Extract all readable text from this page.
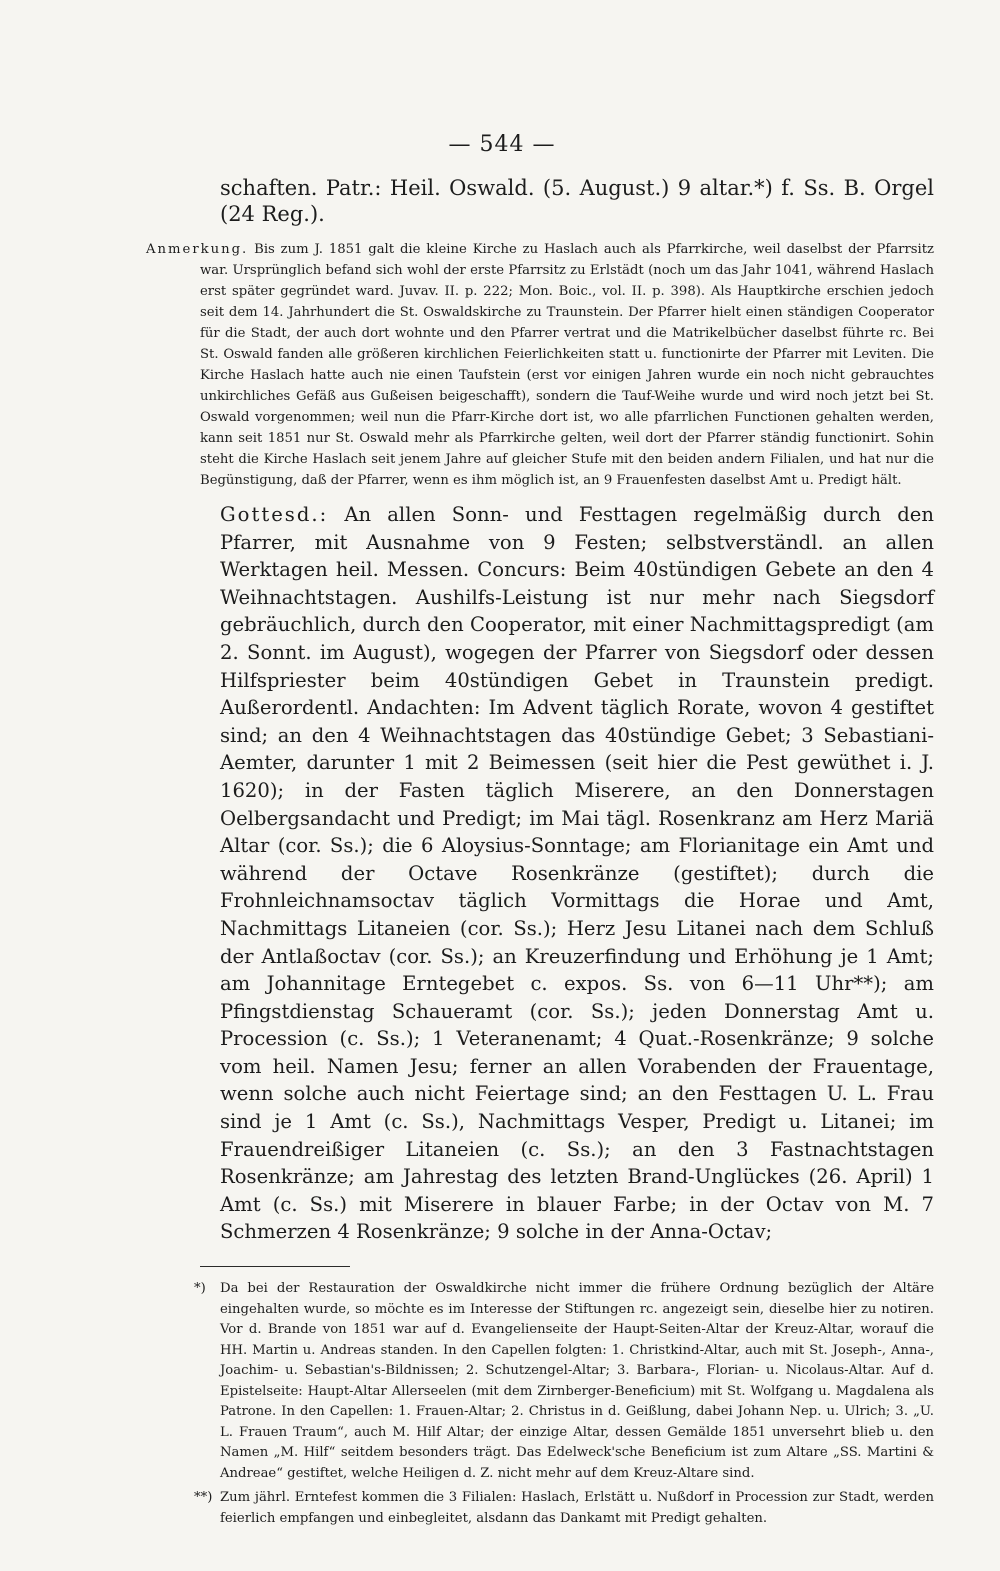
— 544 —

schaften. Patr.: Heil. Oswald. (5. August.) 9 altar.*) f. Ss. B. Orgel (24 Reg.).

Anmerkung. Bis zum J. 1851 galt die kleine Kirche zu Haslach auch als Pfarrkirche, weil daselbst der Pfarrsitz war. Ursprünglich befand sich wohl der erste Pfarrsitz zu Erlstädt (noch um das Jahr 1041, während Haslach erst später gegründet ward. Juvav. II. p. 222; Mon. Boic., vol. II. p. 398). Als Hauptkirche erschien jedoch seit dem 14. Jahrhundert die St. Oswaldskirche zu Traunstein. Der Pfarrer hielt einen ständigen Cooperator für die Stadt, der auch dort wohnte und den Pfarrer vertrat und die Matrikelbücher daselbst führte rc. Bei St. Oswald fanden alle größeren kirchlichen Feierlichkeiten statt u. functionirte der Pfarrer mit Leviten. Die Kirche Haslach hatte auch nie einen Taufstein (erst vor einigen Jahren wurde ein noch nicht gebrauchtes unkirchliches Gefäß aus Gußeisen beigeschafft), sondern die Tauf-Weihe wurde und wird noch jetzt bei St. Oswald vorgenommen; weil nun die Pfarr-Kirche dort ist, wo alle pfarrlichen Functionen gehalten werden, kann seit 1851 nur St. Oswald mehr als Pfarrkirche gelten, weil dort der Pfarrer ständig functionirt. Sohin steht die Kirche Haslach seit jenem Jahre auf gleicher Stufe mit den beiden andern Filialen, und hat nur die Begünstigung, daß der Pfarrer, wenn es ihm möglich ist, an 9 Frauenfesten daselbst Amt u. Predigt hält.

Gottesd.: An allen Sonn- und Festtagen regelmäßig durch den Pfarrer, mit Ausnahme von 9 Festen; selbstverständl. an allen Werktagen heil. Messen. Concurs: Beim 40stündigen Gebete an den 4 Weihnachtstagen. Aushilfs-Leistung ist nur mehr nach Siegsdorf gebräuchlich, durch den Cooperator, mit einer Nachmittagspredigt (am 2. Sonnt. im August), wogegen der Pfarrer von Siegsdorf oder dessen Hilfspriester beim 40stündigen Gebet in Traunstein predigt. Außerordentl. Andachten: Im Advent täglich Rorate, wovon 4 gestiftet sind; an den 4 Weihnachtstagen das 40stündige Gebet; 3 Sebastiani-Aemter, darunter 1 mit 2 Beimessen (seit hier die Pest gewüthet i. J. 1620); in der Fasten täglich Miserere, an den Donnerstagen Oelbergsandacht und Predigt; im Mai tägl. Rosenkranz am Herz Mariä Altar (cor. Ss.); die 6 Aloysius-Sonntage; am Florianitage ein Amt und während der Octave Rosenkränze (gestiftet); durch die Frohnleichnamsoctav täglich Vormittags die Horae und Amt, Nachmittags Litaneien (cor. Ss.); Herz Jesu Litanei nach dem Schluß der Antlaßoctav (cor. Ss.); an Kreuzerfindung und Erhöhung je 1 Amt; am Johannitage Erntegebet c. expos. Ss. von 6—11 Uhr**); am Pfingstdienstag Schaueramt (cor. Ss.); jeden Donnerstag Amt u. Procession (c. Ss.); 1 Veteranenamt; 4 Quat.-Rosenkränze; 9 solche vom heil. Namen Jesu; ferner an allen Vorabenden der Frauentage, wenn solche auch nicht Feiertage sind; an den Festtagen U. L. Frau sind je 1 Amt (c. Ss.), Nachmittags Vesper, Predigt u. Litanei; im Frauendreißiger Litaneien (c. Ss.); an den 3 Fastnachtstagen Rosenkränze; am Jahrestag des letzten Brand-Unglückes (26. April) 1 Amt (c. Ss.) mit Miserere in blauer Farbe; in der Octav von M. 7 Schmerzen 4 Rosenkränze; 9 solche in der Anna-Octav;

*) Da bei der Restauration der Oswaldkirche nicht immer die frühere Ordnung bezüglich der Altäre eingehalten wurde, so möchte es im Interesse der Stiftungen rc. angezeigt sein, dieselbe hier zu notiren. Vor d. Brande von 1851 war auf d. Evangelienseite der Haupt-Seiten-Altar der Kreuz-Altar, worauf die HH. Martin u. Andreas standen. In den Capellen folgten: 1. Christkind-Altar, auch mit St. Joseph-, Anna-, Joachim- u. Sebastian's-Bildnissen; 2. Schutzengel-Altar; 3. Barbara-, Florian- u. Nicolaus-Altar. Auf d. Epistelseite: Haupt-Altar Allerseelen (mit dem Zirnberger-Beneficium) mit St. Wolfgang u. Magdalena als Patrone. In den Capellen: 1. Frauen-Altar; 2. Christus in d. Geißlung, dabei Johann Nep. u. Ulrich; 3. „U. L. Frauen Traum“, auch M. Hilf Altar; der einzige Altar, dessen Gemälde 1851 unversehrt blieb u. den Namen „M. Hilf“ seitdem besonders trägt. Das Edelweck'sche Beneficium ist zum Altare „SS. Martini & Andreae“ gestiftet, welche Heiligen d. Z. nicht mehr auf dem Kreuz-Altare sind.

**) Zum jährl. Erntefest kommen die 3 Filialen: Haslach, Erlstätt u. Nußdorf in Procession zur Stadt, werden feierlich empfangen und einbegleitet, alsdann das Dankamt mit Predigt gehalten.
